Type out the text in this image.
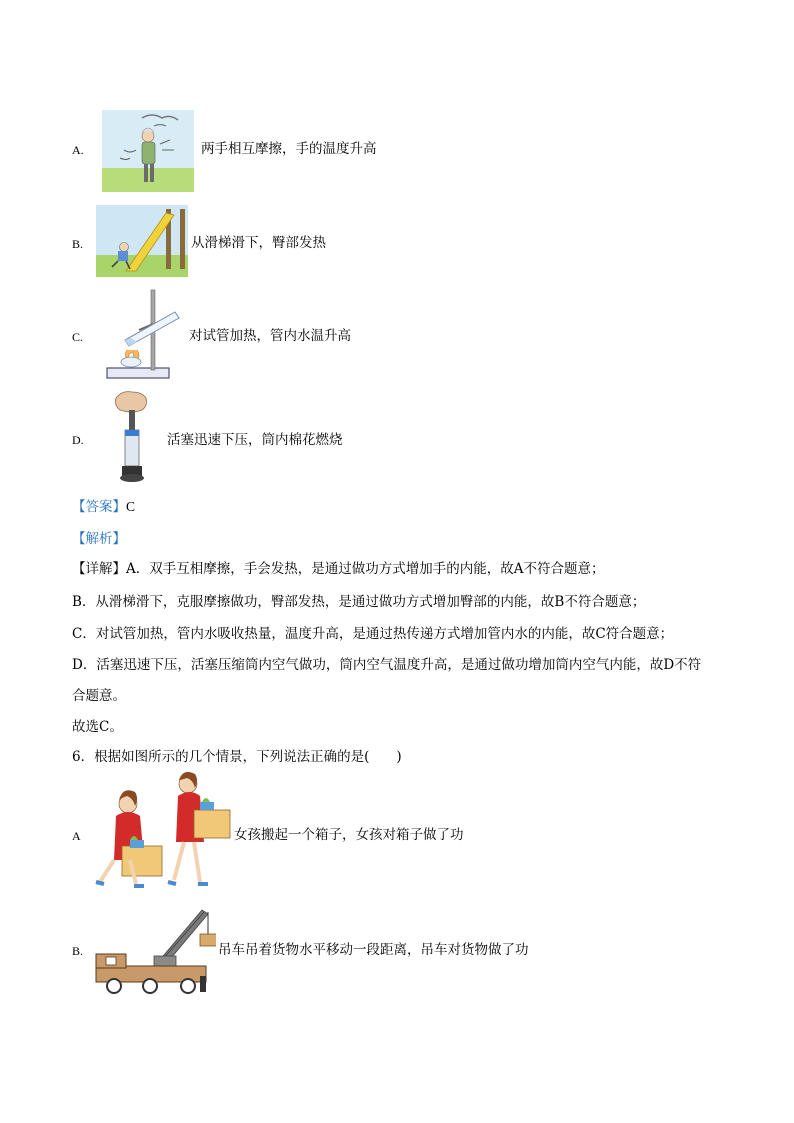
A.	两手相互摩擦，手的温度升高
B.	从滑梯滑下，臀部发热
C.	对试管加热，管内水温升高
D.	活塞迅速下压，筒内棉花燃烧
【答案】C
【解析】
【详解】A．双手互相摩擦，手会发热，是通过做功方式增加手的内能，故A不符合题意；
B．从滑梯滑下，克服摩擦做功，臀部发热，是通过做功方式增加臀部的内能，故B不符合题意；
C．对试管加热，管内水吸收热量，温度升高，是通过热传递方式增加管内水的内能，故C符合题意；
D．活塞迅速下压，活塞压缩筒内空气做功，筒内空气温度升高，是通过做功增加筒内空气内能，故D不符
合题意。
故选C。
6．根据如图所示的几个情景，下列说法正确的是(　　)
A	女孩搬起一个箱子，女孩对箱子做了功
B.	吊车吊着货物水平移动一段距离，吊车对货物做了功
